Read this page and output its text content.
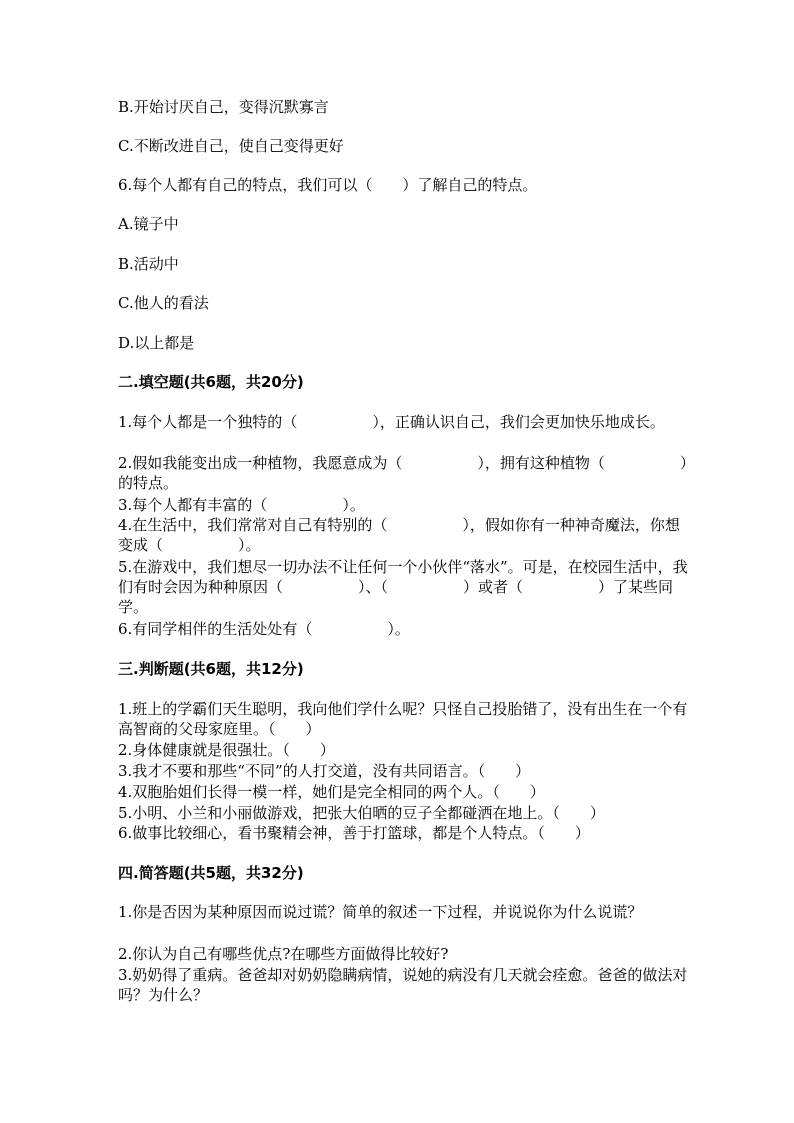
B.开始讨厌自己，变得沉默寡言
C.不断改进自己，使自己变得更好
6.每个人都有自己的特点，我们可以（　　）了解自己的特点。
A.镜子中
B.活动中
C.他人的看法
D.以上都是
二.填空题(共6题，共20分)
1.每个人都是一个独特的（　　　　　），正确认识自己，我们会更加快乐地成长。
2.假如我能变出成一种植物，我愿意成为（　　　　　），拥有这种植物（　　　　　）的特点。
3.每个人都有丰富的（　　　　　）。
4.在生活中，我们常常对自己有特别的（　　　　　），假如你有一种神奇魔法，你想变成（　　　　　）。
5.在游戏中，我们想尽一切办法不让任何一个小伙伴“落水”。可是，在校园生活中，我们有时会因为种种原因（　　　　　）、（　　　　　）或者（　　　　　）了某些同学。
6.有同学相伴的生活处处有（　　　　　）。
三.判断题(共6题，共12分)
1.班上的学霸们天生聪明，我向他们学什么呢？只怪自己投胎错了，没有出生在一个有高智商的父母家庭里。（　　）
2.身体健康就是很强壮。（　　）
3.我才不要和那些“不同”的人打交道，没有共同语言。（　　）
4.双胞胎姐们长得一模一样，她们是完全相同的两个人。（　　）
5.小明、小兰和小丽做游戏，把张大伯晒的豆子全都碰洒在地上。（　　）
6.做事比较细心，看书聚精会神，善于打篮球，都是个人特点。（　　）
四.简答题(共5题，共32分)
1.你是否因为某种原因而说过谎？简单的叙述一下过程，并说说你为什么说谎？
2.你认为自己有哪些优点?在哪些方面做得比较好?
3.奶奶得了重病。爸爸却对奶奶隐瞒病情，说她的病没有几天就会痊愈。爸爸的做法对吗？为什么？
